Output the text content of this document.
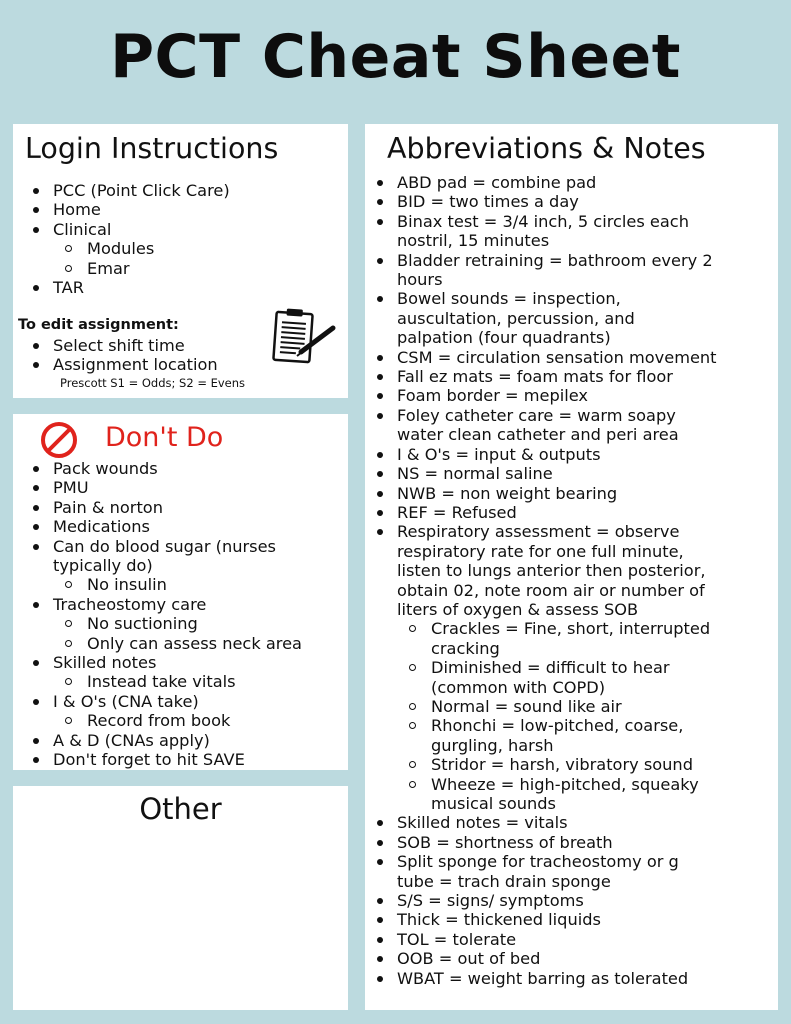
PCT Cheat Sheet
Login Instructions
PCC (Point Click Care)
Home
Clinical
Modules
Emar
TAR
To edit assignment:
Select shift time
Assignment location
Prescott S1 = Odds; S2 = Evens
Don't Do
Pack wounds
PMU
Pain & norton
Medications
Can do blood sugar (nurses
typically do)
No insulin
Tracheostomy care
No suctioning
Only can assess neck area
Skilled notes
Instead take vitals
I & O's (CNA take)
Record from book
A & D (CNAs apply)
Don't forget to hit SAVE
Other
Abbreviations & Notes
ABD pad = combine pad
BID = two times a day
Binax test = 3/4 inch, 5 circles each
nostril, 15 minutes
Bladder retraining = bathroom every 2
hours
Bowel sounds = inspection,
auscultation, percussion, and
palpation (four quadrants)
CSM = circulation sensation movement
Fall ez mats = foam mats for floor
Foam border = mepilex
Foley catheter care = warm soapy
water clean catheter and peri area
I & O's = input & outputs
NS = normal saline
NWB = non weight bearing
REF = Refused
Respiratory assessment = observe
respiratory rate for one full minute,
listen to lungs anterior then posterior,
obtain 02, note room air or number of
liters of oxygen & assess SOB
Crackles = Fine, short, interrupted
cracking
Diminished = difficult to hear
(common with COPD)
Normal = sound like air
Rhonchi = low-pitched, coarse,
gurgling, harsh
Stridor = harsh, vibratory sound
Wheeze = high-pitched, squeaky
musical sounds
Skilled notes = vitals
SOB = shortness of breath
Split sponge for tracheostomy or g
tube = trach drain sponge
S/S = signs/ symptoms
Thick = thickened liquids
TOL = tolerate
OOB = out of bed
WBAT = weight barring as tolerated
